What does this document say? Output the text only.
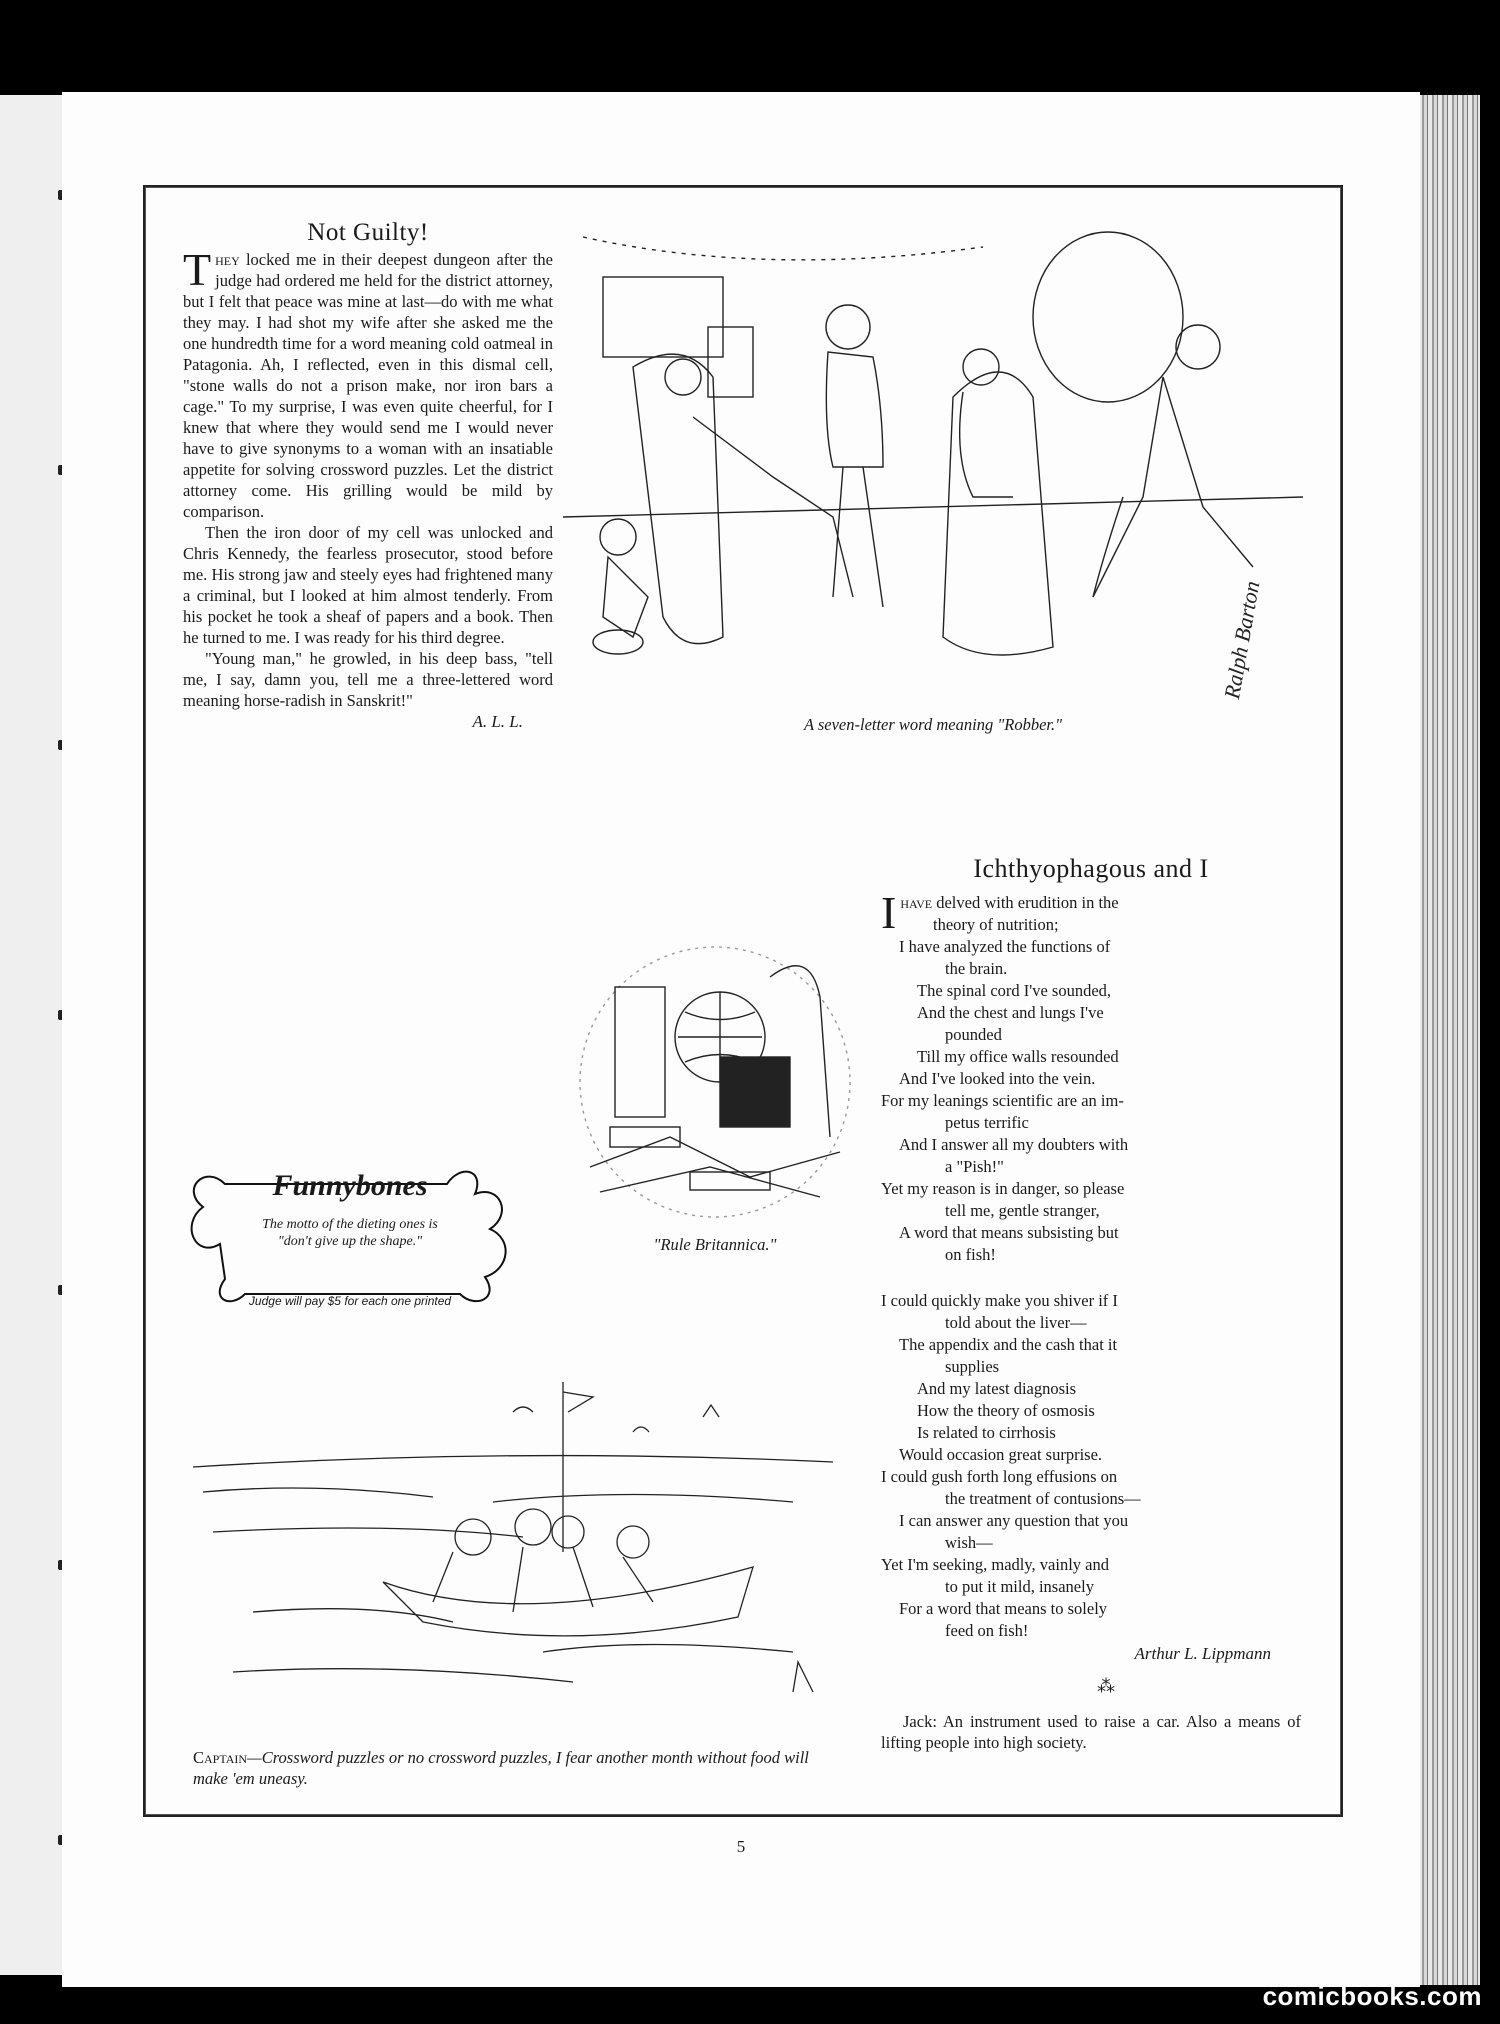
Not Guilty!

They locked me in their deepest dungeon after the judge had ordered me held for the district attorney, but I felt that peace was mine at last—do with me what they may. I had shot my wife after she asked me the one hundredth time for a word meaning cold oatmeal in Patagonia. Ah, I reflected, even in this dismal cell, "stone walls do not a prison make, nor iron bars a cage." To my surprise, I was even quite cheerful, for I knew that where they would send me I would never have to give synonyms to a woman with an insatiable appetite for solving crossword puzzles. Let the district attorney come. His grilling would be mild by comparison.

Then the iron door of my cell was unlocked and Chris Kennedy, the fearless prosecutor, stood before me. His strong jaw and steely eyes had frightened many a criminal, but I looked at him almost tenderly. From his pocket he took a sheaf of papers and a book. Then he turned to me. I was ready for his third degree.

"Young man," he growled, in his deep bass, "tell me, I say, damn you, tell me a three-lettered word meaning horse-radish in Sanskrit!"

A. L. L.
Funnybones
The motto of the dieting ones is
"don't give up the shape."
Judge will pay $5 for each one printed
Ralph Barton
A seven-letter word meaning "Robber."
"Rule Britannica."
Ichthyophagous and I
Ihave delved with erudition in the
theory of nutrition;
I have analyzed the functions of
the brain.
The spinal cord I've sounded,
And the chest and lungs I've
pounded
Till my office walls resounded
And I've looked into the vein.
For my leanings scientific are an im-
petus terrific
And I answer all my doubters with
a "Pish!"
Yet my reason is in danger, so please
tell me, gentle stranger,
A word that means subsisting but
on fish!
I could quickly make you shiver if I
told about the liver—
The appendix and the cash that it
supplies
And my latest diagnosis
How the theory of osmosis
Is related to cirrhosis
Would occasion great surprise.
I could gush forth long effusions on
the treatment of contusions—
I can answer any question that you
wish—
Yet I'm seeking, madly, vainly and
to put it mild, insanely
For a word that means to solely
feed on fish!
Arthur L. Lippmann
⁂

Jack: An instrument used to raise a car. Also a means of lifting people into high society.

Captain—Crossword puzzles or no crossword puzzles, I fear another month without food will make 'em uneasy.
5
comicbooks.com
